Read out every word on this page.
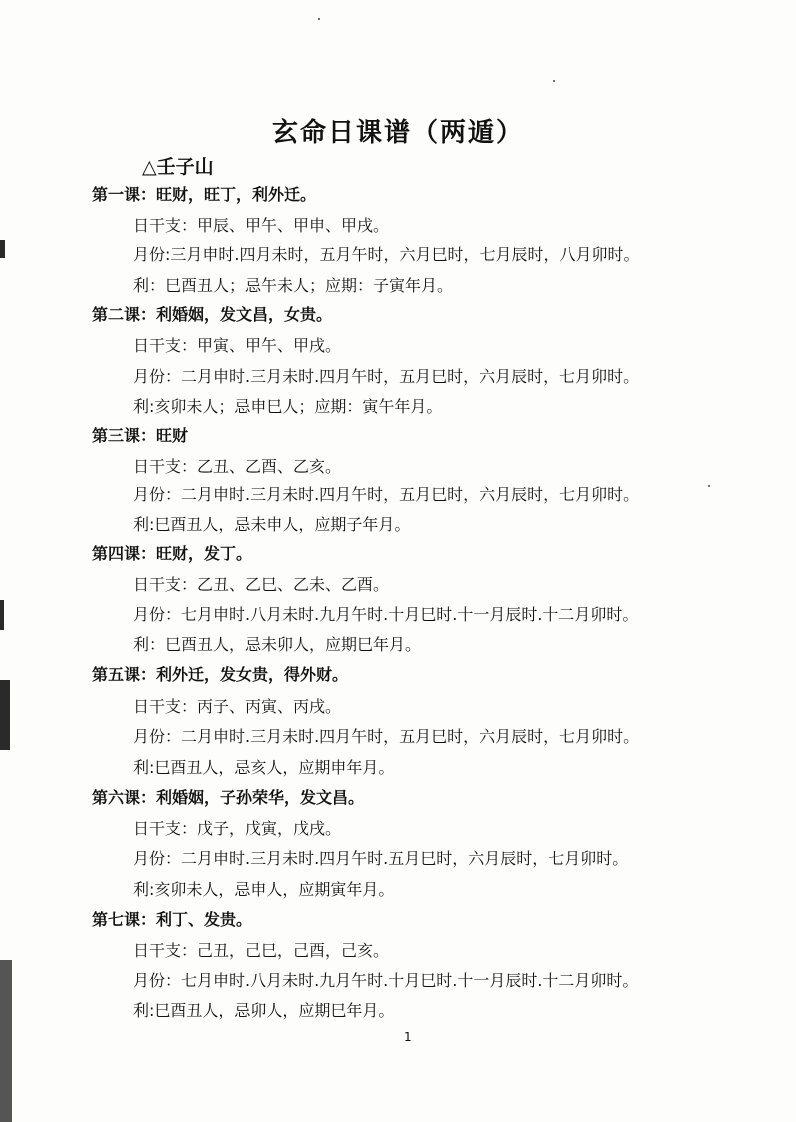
玄命日课谱（两遁）
△壬子山

第一课：旺财，旺丁，利外迁。

日干支：甲辰、甲午、甲申、甲戌。

月份:三月申时.四月未时，五月午时，六月巳时，七月辰时，八月卯时。

利：巳酉丑人；忌午未人；应期：子寅年月。

第二课：利婚姻，发文昌，女贵。

日干支：甲寅、甲午、甲戌。

月份：二月申时.三月未时.四月午时，五月巳时，六月辰时，七月卯时。

利:亥卯未人；忌申巳人；应期：寅午年月。

第三课：旺财

日干支：乙丑、乙酉、乙亥。

月份：二月申时.三月未时.四月午时，五月巳时，六月辰时，七月卯时。

利:巳酉丑人，忌未申人，应期子年月。

第四课：旺财，发丁。

日干支：乙丑、乙巳、乙未、乙酉。

月份：七月申时.八月未时.九月午时.十月巳时.十一月辰时.十二月卯时。

利：巳酉丑人，忌未卯人，应期巳年月。

第五课：利外迁，发女贵，得外财。

日干支：丙子、丙寅、丙戌。

月份：二月申时.三月未时.四月午时，五月巳时，六月辰时，七月卯时。

利:巳酉丑人，忌亥人，应期申年月。

第六课：利婚姻，子孙荣华，发文昌。

日干支：戊子，戊寅，戊戌。

月份：二月申时.三月未时.四月午时.五月巳时，六月辰时，七月卯时。

利:亥卯未人，忌申人，应期寅年月。

第七课：利丁、发贵。

日干支：己丑，己巳，己酉，己亥。

月份：七月申时.八月未时.九月午时.十月巳时.十一月辰时.十二月卯时。

利:巳酉丑人，忌卯人，应期巳年月。

1
